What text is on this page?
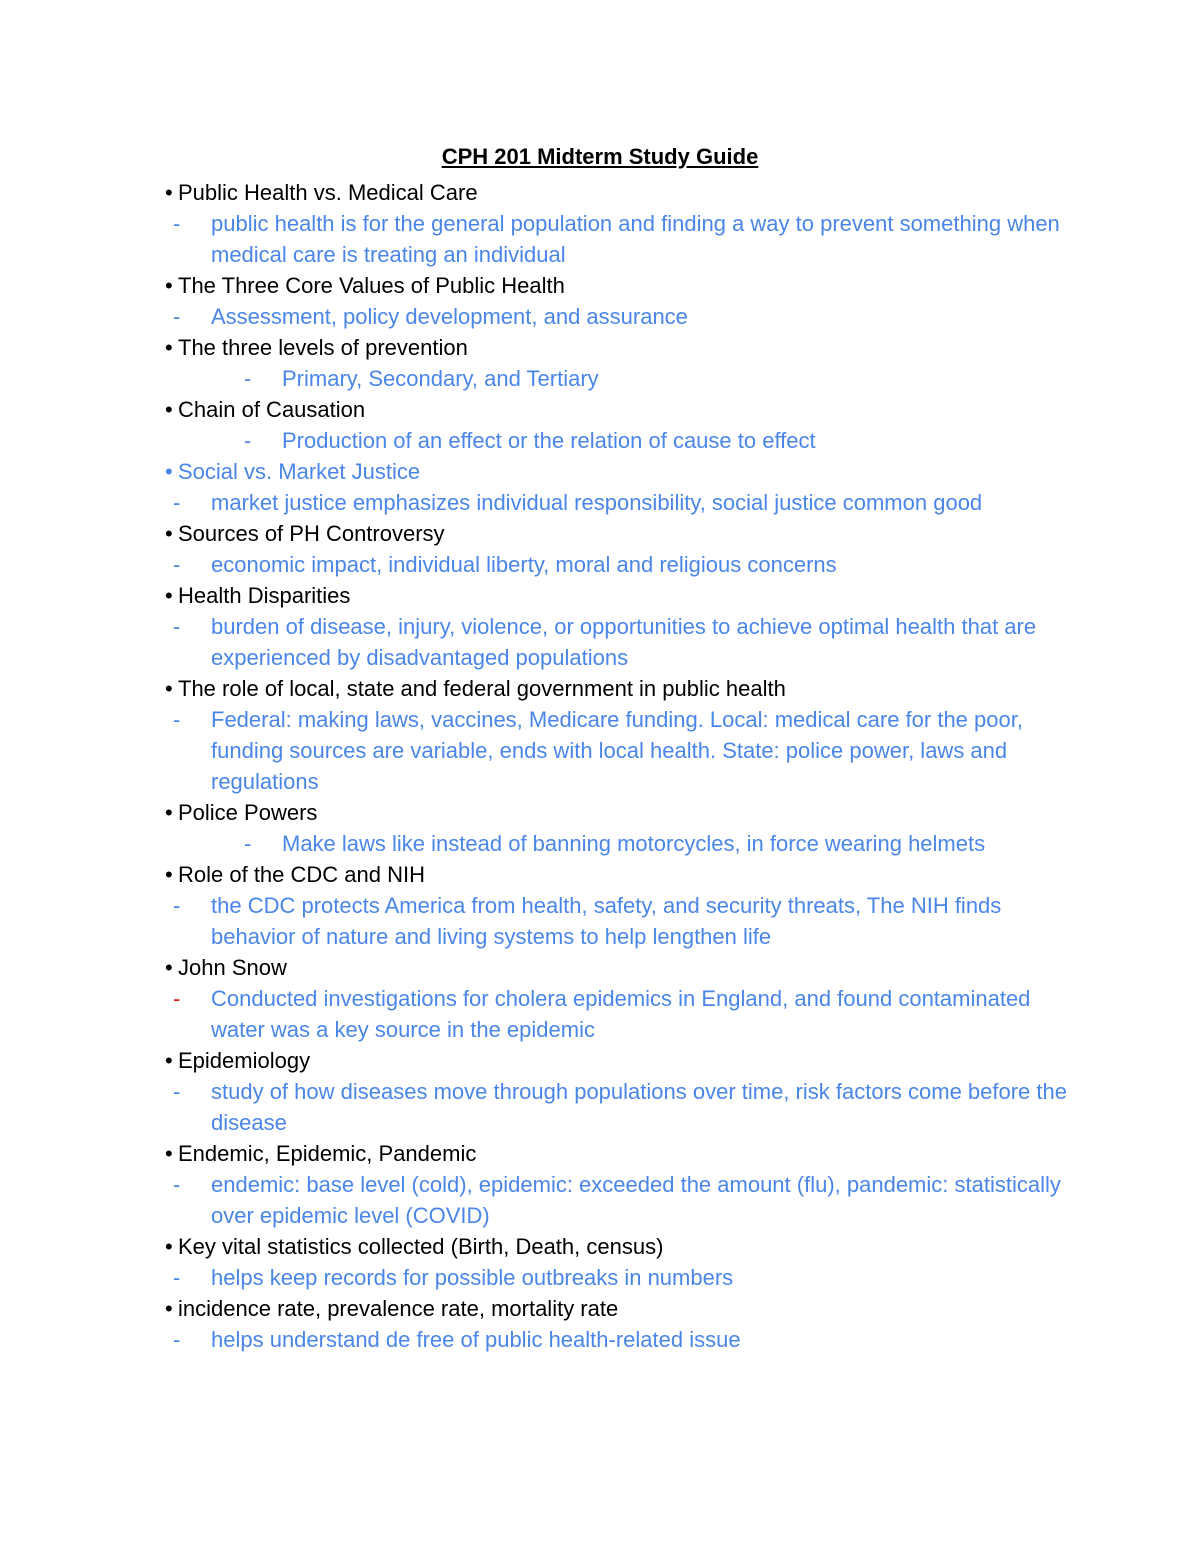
CPH 201 Midterm Study Guide
• Public Health vs. Medical Care
- public health is for the general population and finding a way to prevent something when medical care is treating an individual
• The Three Core Values of Public Health
- Assessment, policy development, and assurance
• The three levels of prevention
- Primary, Secondary, and Tertiary
• Chain of Causation
- Production of an effect or the relation of cause to effect
• Social vs. Market Justice
- market justice emphasizes individual responsibility, social justice common good
• Sources of PH Controversy
- economic impact, individual liberty, moral and religious concerns
• Health Disparities
- burden of disease, injury, violence, or opportunities to achieve optimal health that are experienced by disadvantaged populations
• The role of local, state and federal government in public health
- Federal: making laws, vaccines, Medicare funding. Local: medical care for the poor, funding sources are variable, ends with local health. State: police power, laws and regulations
• Police Powers
- Make laws like instead of banning motorcycles, in force wearing helmets
• Role of the CDC and NIH
- the CDC protects America from health, safety, and security threats, The NIH finds behavior of nature and living systems to help lengthen life
• John Snow
- Conducted investigations for cholera epidemics in England, and found contaminated water was a key source in the epidemic
• Epidemiology
- study of how diseases move through populations over time, risk factors come before the disease
• Endemic, Epidemic, Pandemic
- endemic: base level (cold), epidemic: exceeded the amount (flu), pandemic: statistically over epidemic level (COVID)
• Key vital statistics collected (Birth, Death, census)
- helps keep records for possible outbreaks in numbers
• incidence rate, prevalence rate, mortality rate
- helps understand de free of public health-related issue
